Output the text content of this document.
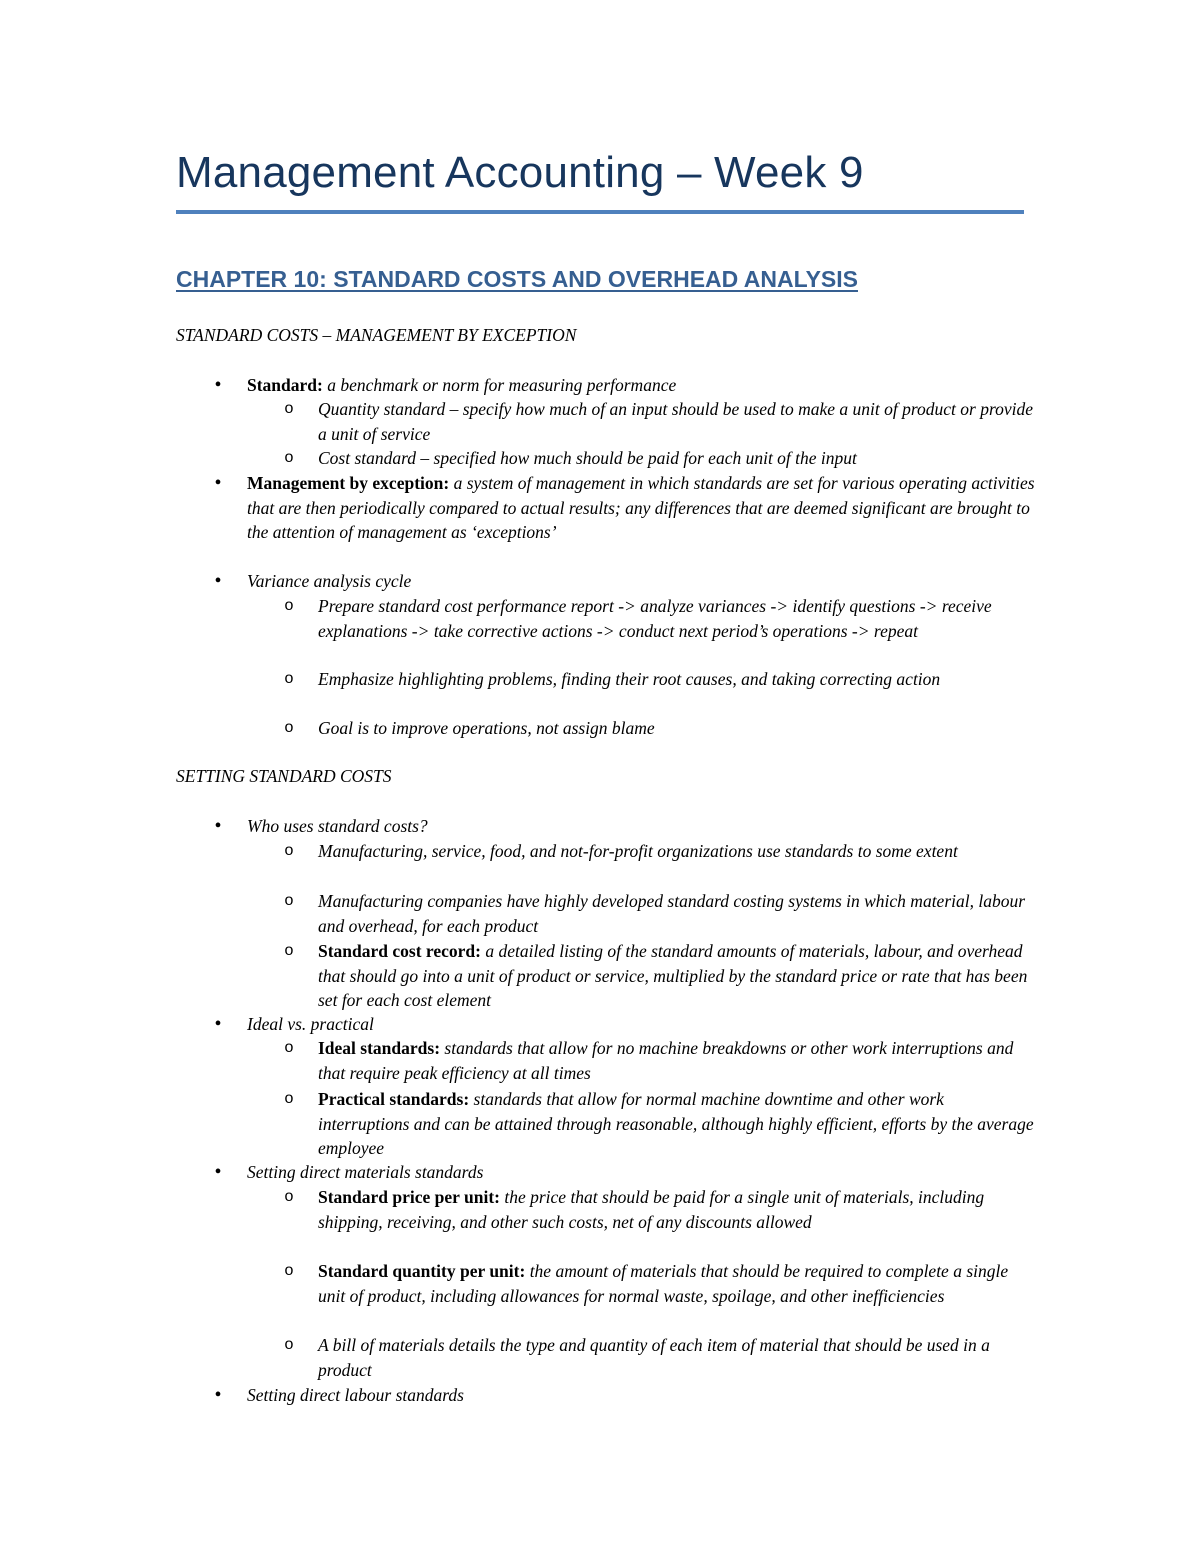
Management Accounting – Week 9
CHAPTER 10: STANDARD COSTS AND OVERHEAD ANALYSIS
STANDARD COSTS – MANAGEMENT BY EXCEPTION
•	Standard: a benchmark or norm for measuring performance
o	Quantity standard – specify how much of an input should be used to make a unit of product or provide a unit of service
o	Cost standard – specified how much should be paid for each unit of the input
•	Management by exception: a system of management in which standards are set for various operating activities that are then periodically compared to actual results; any differences that are deemed significant are brought to the attention of management as ‘exceptions’
•	Variance analysis cycle
o	Prepare standard cost performance report -> analyze variances -> identify questions -> receive explanations -> take corrective actions -> conduct next period’s operations -> repeat
o	Emphasize highlighting problems, finding their root causes, and taking correcting action
o	Goal is to improve operations, not assign blame
SETTING STANDARD COSTS
•	Who uses standard costs?
o	Manufacturing, service, food, and not-for-profit organizations use standards to some extent
o	Manufacturing companies have highly developed standard costing systems in which material, labour and overhead, for each product
o	Standard cost record: a detailed listing of the standard amounts of materials, labour, and overhead that should go into a unit of product or service, multiplied by the standard price or rate that has been set for each cost element
•	Ideal vs. practical
o	Ideal standards: standards that allow for no machine breakdowns or other work interruptions and that require peak efficiency at all times
o	Practical standards: standards that allow for normal machine downtime and other work interruptions and can be attained through reasonable, although highly efficient, efforts by the average employee
•	Setting direct materials standards
o	Standard price per unit: the price that should be paid for a single unit of materials, including shipping, receiving, and other such costs, net of any discounts allowed
o	Standard quantity per unit: the amount of materials that should be required to complete a single unit of product, including allowances for normal waste, spoilage, and other inefficiencies
o	A bill of materials details the type and quantity of each item of material that should be used in a product
•	Setting direct labour standards
